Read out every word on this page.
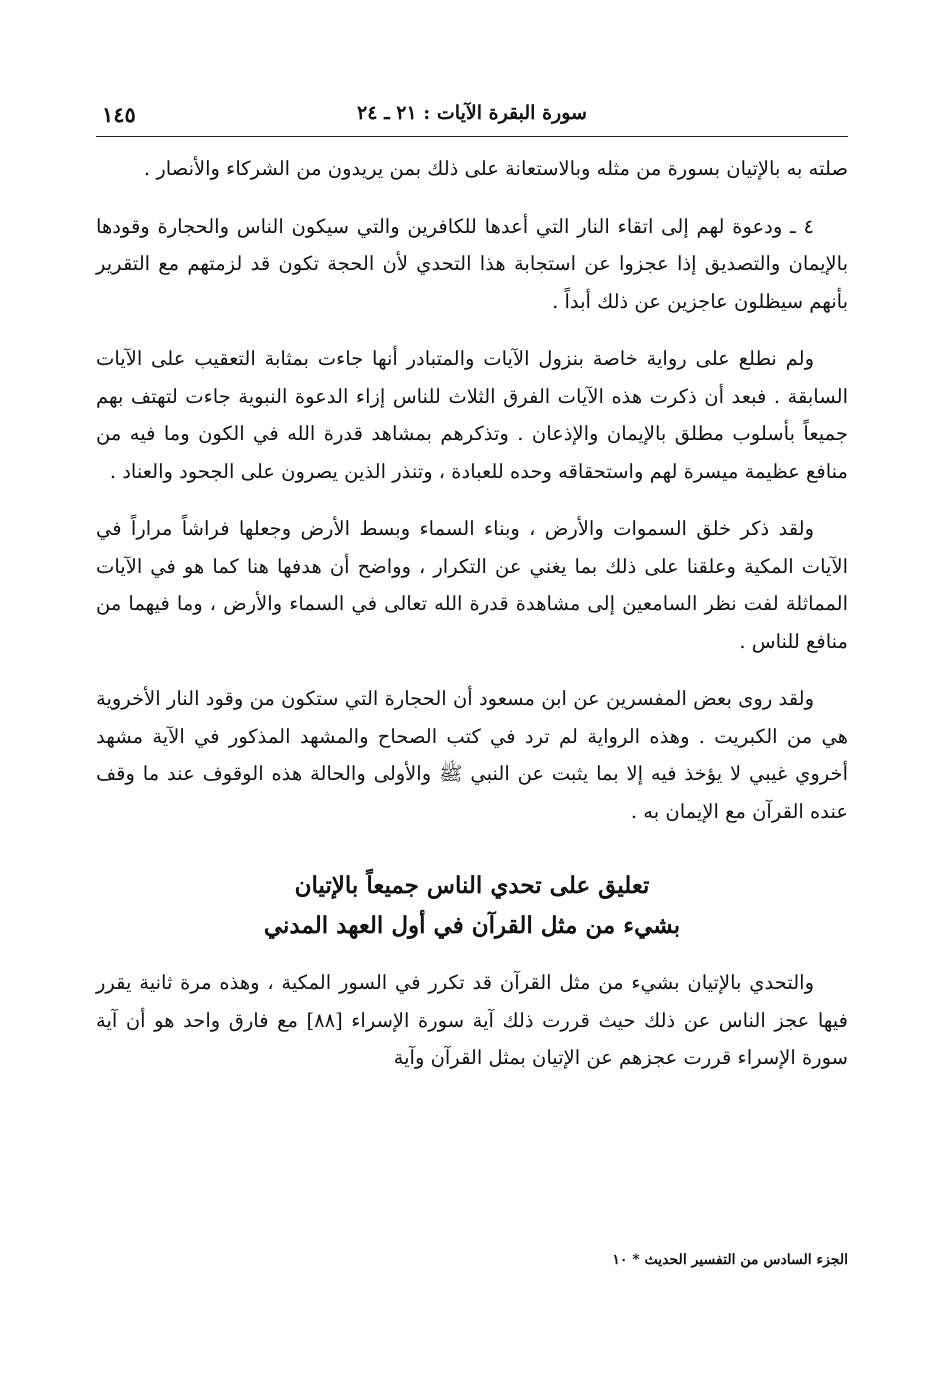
سورة البقرة الآيات : ٢١ ـ ٢٤
١٤٥

صلته به بالإتيان بسورة من مثله وبالاستعانة على ذلك بمن يريدون من الشركاء والأنصار .

٤ ـ ودعوة لهم إلى اتقاء النار التي أعدها للكافرين والتي سيكون الناس والحجارة وقودها بالإيمان والتصديق إذا عجزوا عن استجابة هذا التحدي لأن الحجة تكون قد لزمتهم مع التقرير بأنهم سيظلون عاجزين عن ذلك أبداً .

ولم نطلع على رواية خاصة بنزول الآيات والمتبادر أنها جاءت بمثابة التعقيب على الآيات السابقة . فبعد أن ذكرت هذه الآيات الفرق الثلاث للناس إزاء الدعوة النبوية جاءت لتهتف بهم جميعاً بأسلوب مطلق بالإيمان والإذعان . وتذكرهم بمشاهد قدرة الله في الكون وما فيه من منافع عظيمة ميسرة لهم واستحقاقه وحده للعبادة ، وتنذر الذين يصرون على الجحود والعناد .

ولقد ذكر خلق السموات والأرض ، وبناء السماء وبسط الأرض وجعلها فراشاً مراراً في الآيات المكية وعلقنا على ذلك بما يغني عن التكرار ، وواضح أن هدفها هنا كما هو في الآيات المماثلة لفت نظر السامعين إلى مشاهدة قدرة الله تعالى في السماء والأرض ، وما فيهما من منافع للناس .

ولقد روى بعض المفسرين عن ابن مسعود أن الحجارة التي ستكون من وقود النار الأخروية هي من الكبريت . وهذه الرواية لم ترد في كتب الصحاح والمشهد المذكور في الآية مشهد أخروي غيبي لا يؤخذ فيه إلا بما يثبت عن النبي ﷺ والأولى والحالة هذه الوقوف عند ما وقف عنده القرآن مع الإيمان به .

تعليق على تحدي الناس جميعاً بالإتيان
بشيء من مثل القرآن في أول العهد المدني

والتحدي بالإتيان بشيء من مثل القرآن قد تكرر في السور المكية ، وهذه مرة ثانية يقرر فيها عجز الناس عن ذلك حيث قررت ذلك آية سورة الإسراء [٨٨] مع فارق واحد هو أن آية سورة الإسراء قررت عجزهم عن الإتيان بمثل القرآن وآية

الجزء السادس من التفسير الحديث * ١٠
